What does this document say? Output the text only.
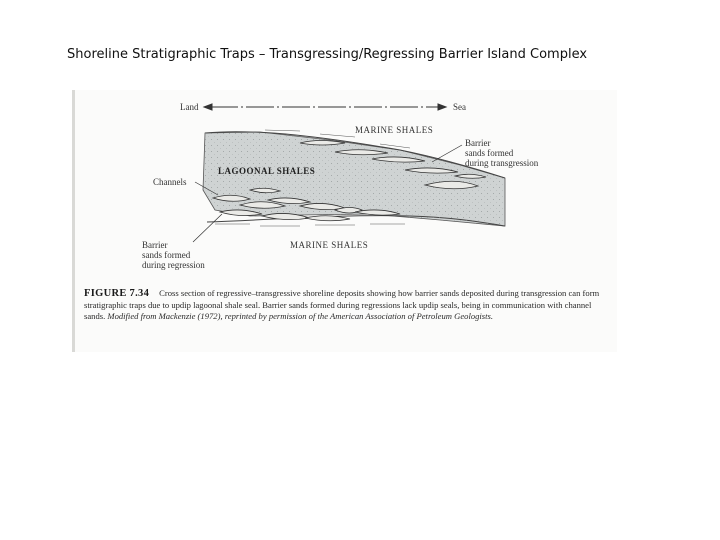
Shoreline Stratigraphic Traps – Transgressing/Regressing Barrier Island Complex
Land	Sea
MARINE SHALES
LAGOONAL SHALES
Channels
MARINE SHALES
Barrier
sands formed
during transgression
Barrier
sands formed
during regression
FIGURE 7.34 Cross section of regressive–transgressive shoreline deposits showing how barrier sands deposited during transgression can form stratigraphic traps due to updip lagoonal shale seal. Barrier sands formed during regressions lack updip seals, being in communication with channel sands. Modified from Mackenzie (1972), reprinted by permission of the American Association of Petroleum Geologists.
